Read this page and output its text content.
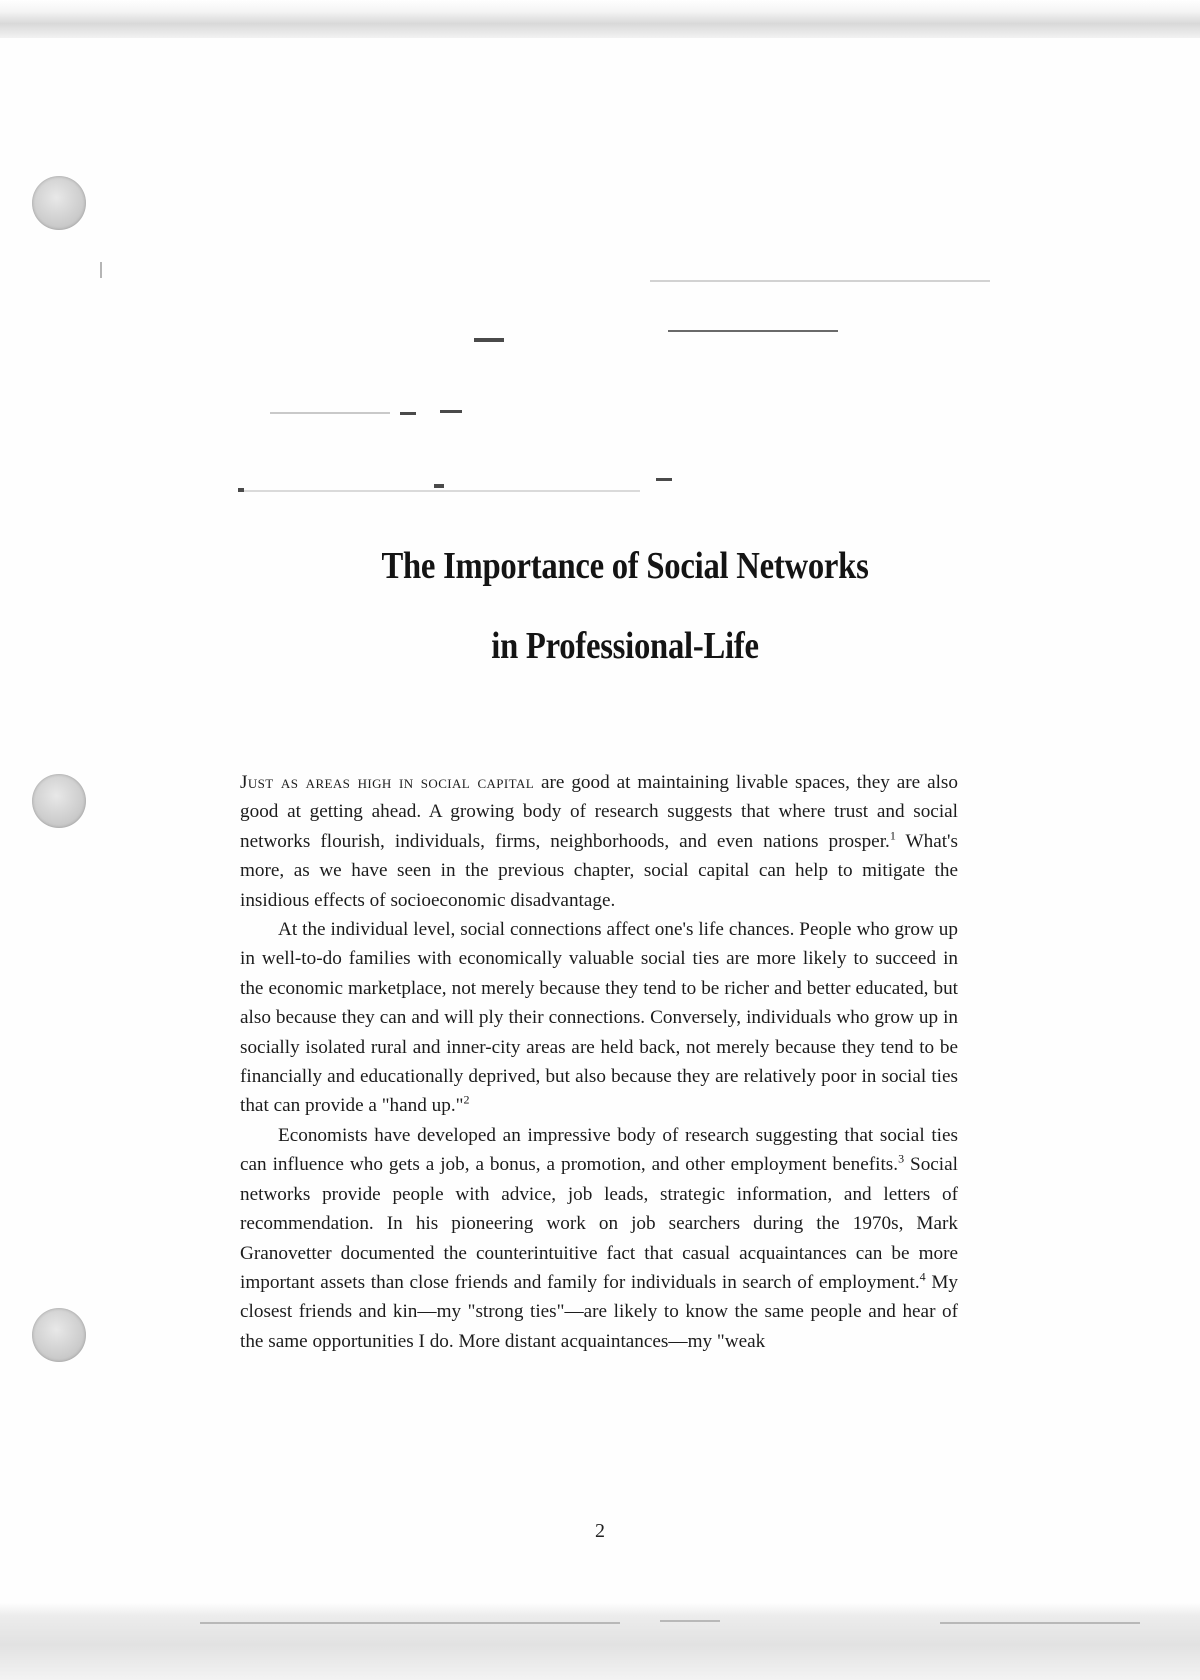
The Importance of Social Networks
in Professional-Life

Just as areas high in social capital are good at maintaining livable spaces, they are also good at getting ahead. A growing body of research suggests that where trust and social networks flourish, individuals, firms, neighborhoods, and even nations prosper.$^1$ What's more, as we have seen in the previous chapter, social capital can help to mitigate the insidious effects of socioeconomic disadvantage.

At the individual level, social connections affect one's life chances. People who grow up in well-to-do families with economically valuable social ties are more likely to succeed in the economic marketplace, not merely because they tend to be richer and better educated, but also because they can and will ply their connections. Conversely, individuals who grow up in socially isolated rural and inner-city areas are held back, not merely because they tend to be financially and educationally deprived, but also because they are relatively poor in social ties that can provide a "hand up."$^2$

Economists have developed an impressive body of research suggesting that social ties can influence who gets a job, a bonus, a promotion, and other employment benefits.$^3$ Social networks provide people with advice, job leads, strategic information, and letters of recommendation. In his pioneering work on job searchers during the 1970s, Mark Granovetter documented the counterintuitive fact that casual acquaintances can be more important assets than close friends and family for individuals in search of employment.$^4$ My closest friends and kin—my "strong ties"—are likely to know the same people and hear of the same opportunities I do. More distant acquaintances—my "weak

2
